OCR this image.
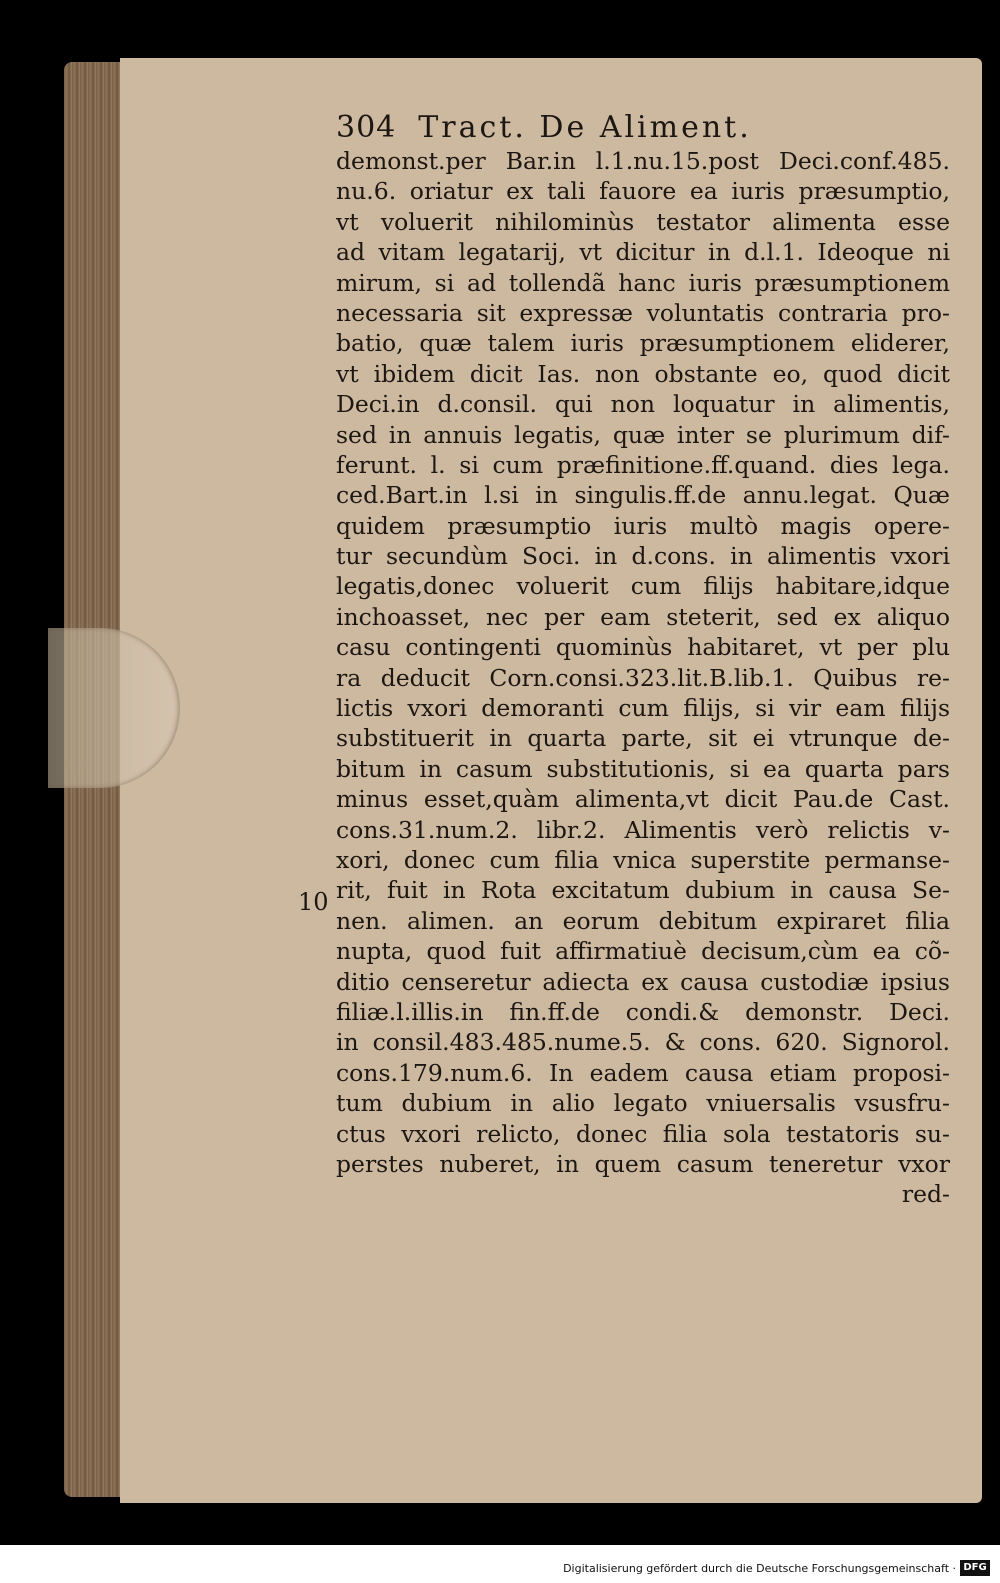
304 Tract. De Aliment.
10
demonst.per Bar.in l.1.nu.15.post Deci.conf.485.
nu.6. oriatur ex tali fauore ea iuris præsumptio,
vt voluerit nihilominùs testator alimenta esse
ad vitam legatarij, vt dicitur in d.l.1. Ideoque ni
mirum, si ad tollendã hanc iuris præsumptionem
necessaria sit expressæ voluntatis contraria pro-
batio, quæ talem iuris præsumptionem eliderer,
vt ibidem dicit Ias. non obstante eo, quod dicit
Deci.in d.consil. qui non loquatur in alimentis,
sed in annuis legatis, quæ inter se plurimum dif-
ferunt. l. si cum præfinitione.ff.quand. dies lega.
ced.Bart.in l.si in singulis.ff.de annu.legat. Quæ
quidem præsumptio iuris multò magis opere-
tur secundùm Soci. in d.cons. in alimentis vxori
legatis,donec voluerit cum filijs habitare,idque
inchoasset, nec per eam steterit, sed ex aliquo
casu contingenti quominùs habitaret, vt per plu
ra deducit Corn.consi.323.lit.B.lib.1. Quibus re-
lictis vxori demoranti cum filijs, si vir eam filijs
substituerit in quarta parte, sit ei vtrunque de-
bitum in casum substitutionis, si ea quarta pars
minus esset,quàm alimenta,vt dicit Pau.de Cast.
cons.31.num.2. libr.2. Alimentis verò relictis v-
xori, donec cum filia vnica superstite permanse-
rit, fuit in Rota excitatum dubium in causa Se-
nen. alimen. an eorum debitum expiraret filia
nupta, quod fuit affirmatiuè decisum,cùm ea cõ-
ditio censeretur adiecta ex causa custodiæ ipsius
filiæ.l.illis.in fin.ff.de condi.& demonstr. Deci.
in consil.483.485.nume.5. & cons. 620. Signorol.
cons.179.num.6. In eadem causa etiam proposi-
tum dubium in alio legato vniuersalis vsusfru-
ctus vxori relicto, donec filia sola testatoris su-
perstes nuberet, in quem casum teneretur vxor
red-
Digitalisierung gefördert durch die Deutsche Forschungsgemeinschaft · DFG
